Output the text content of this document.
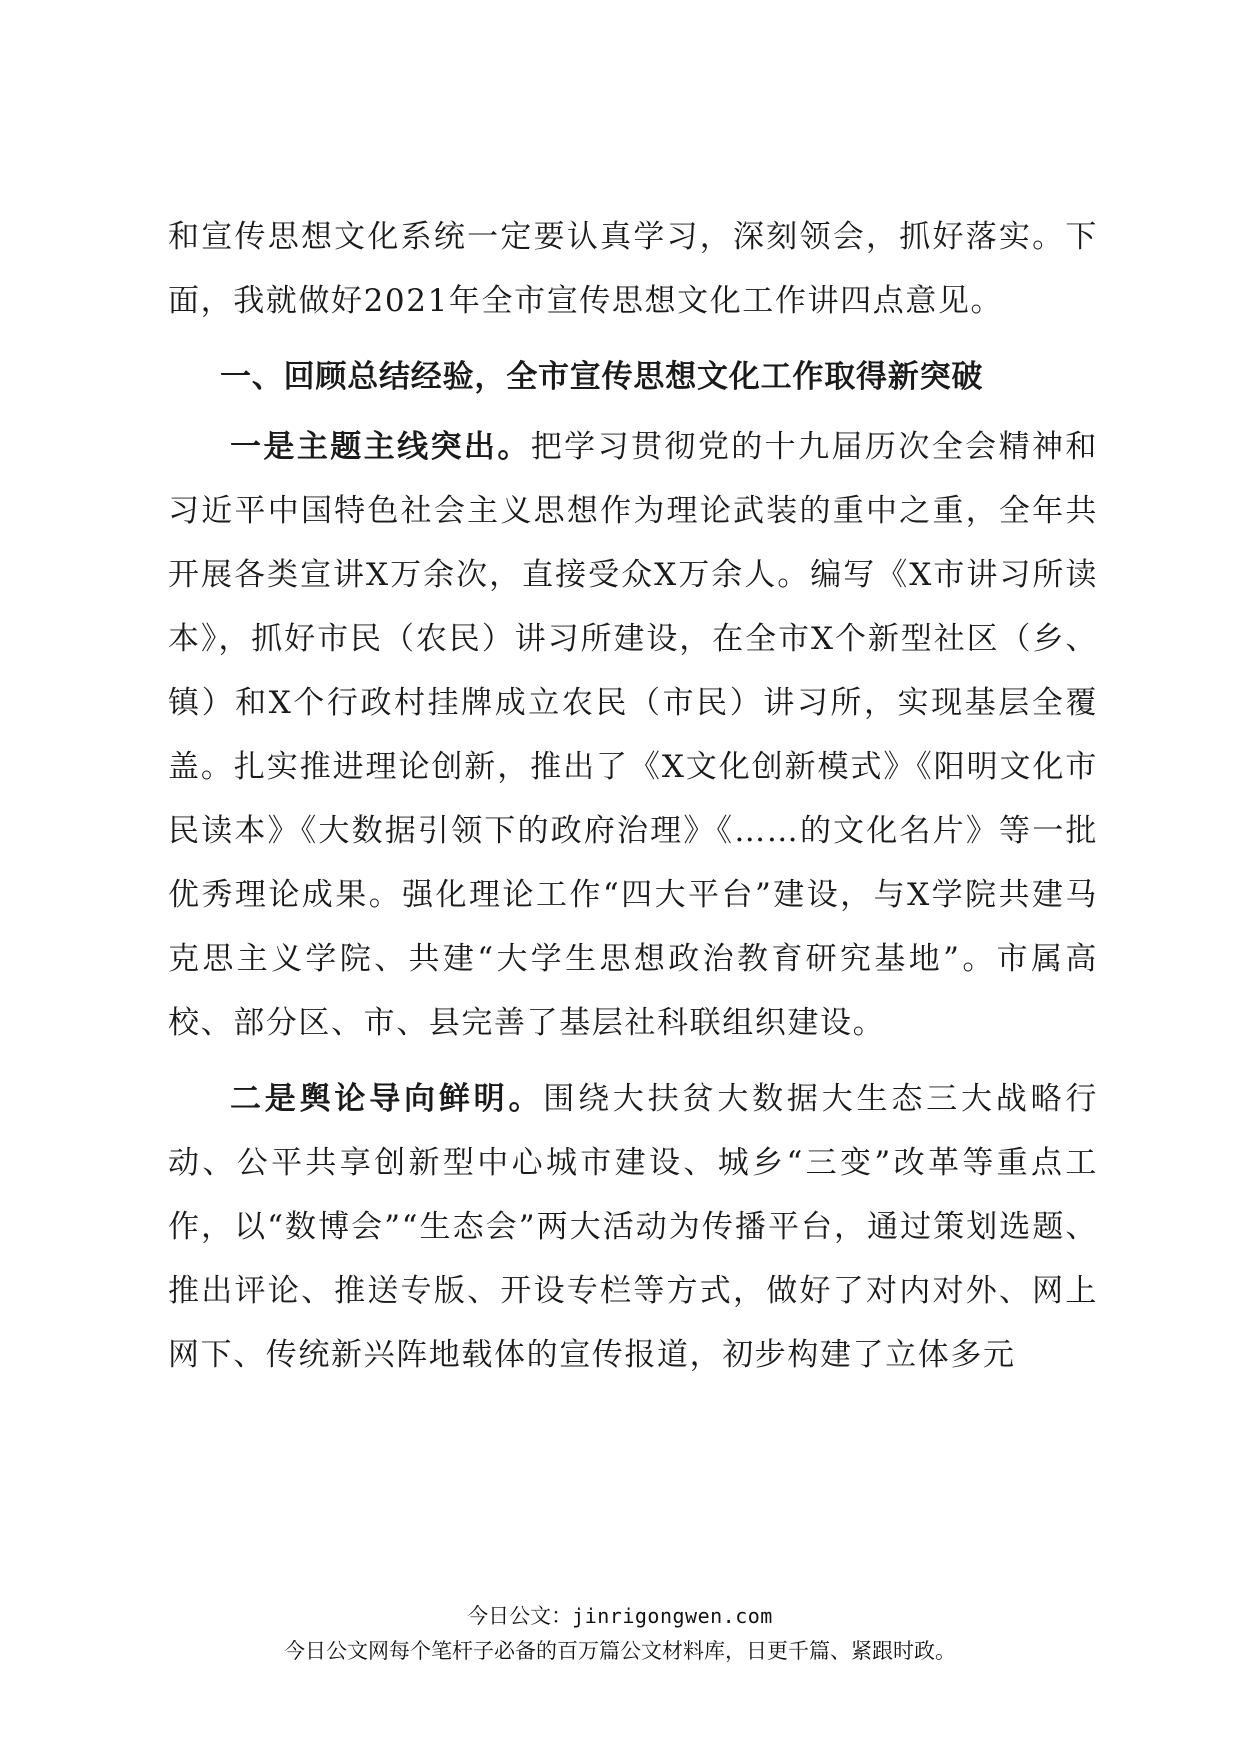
和宣传思想文化系统一定要认真学习，深刻领会，抓好落实。下面，我就做好2021年全市宣传思想文化工作讲四点意见。

一、回顾总结经验，全市宣传思想文化工作取得新突破

一是主题主线突出。把学习贯彻党的十九届历次全会精神和习近平中国特色社会主义思想作为理论武装的重中之重，全年共开展各类宣讲X万余次，直接受众X万余人。编写《X市讲习所读本》，抓好市民（农民）讲习所建设，在全市X个新型社区（乡、镇）和X个行政村挂牌成立农民（市民）讲习所，实现基层全覆盖。扎实推进理论创新，推出了《X文化创新模式》《阳明文化市民读本》《大数据引领下的政府治理》《……的文化名片》等一批优秀理论成果。强化理论工作“四大平台”建设，与X学院共建马克思主义学院、共建“大学生思想政治教育研究基地”。市属高校、部分区、市、县完善了基层社科联组织建设。

二是舆论导向鲜明。围绕大扶贫大数据大生态三大战略行动、公平共享创新型中心城市建设、城乡“三变”改革等重点工作，以“数博会”“生态会”两大活动为传播平台，通过策划选题、推出评论、推送专版、开设专栏等方式，做好了对内对外、网上网下、传统新兴阵地载体的宣传报道，初步构建了立体多元

今日公文：jinrigongwen.com
今日公文网每个笔杆子必备的百万篇公文材料库，日更千篇、紧跟时政。
